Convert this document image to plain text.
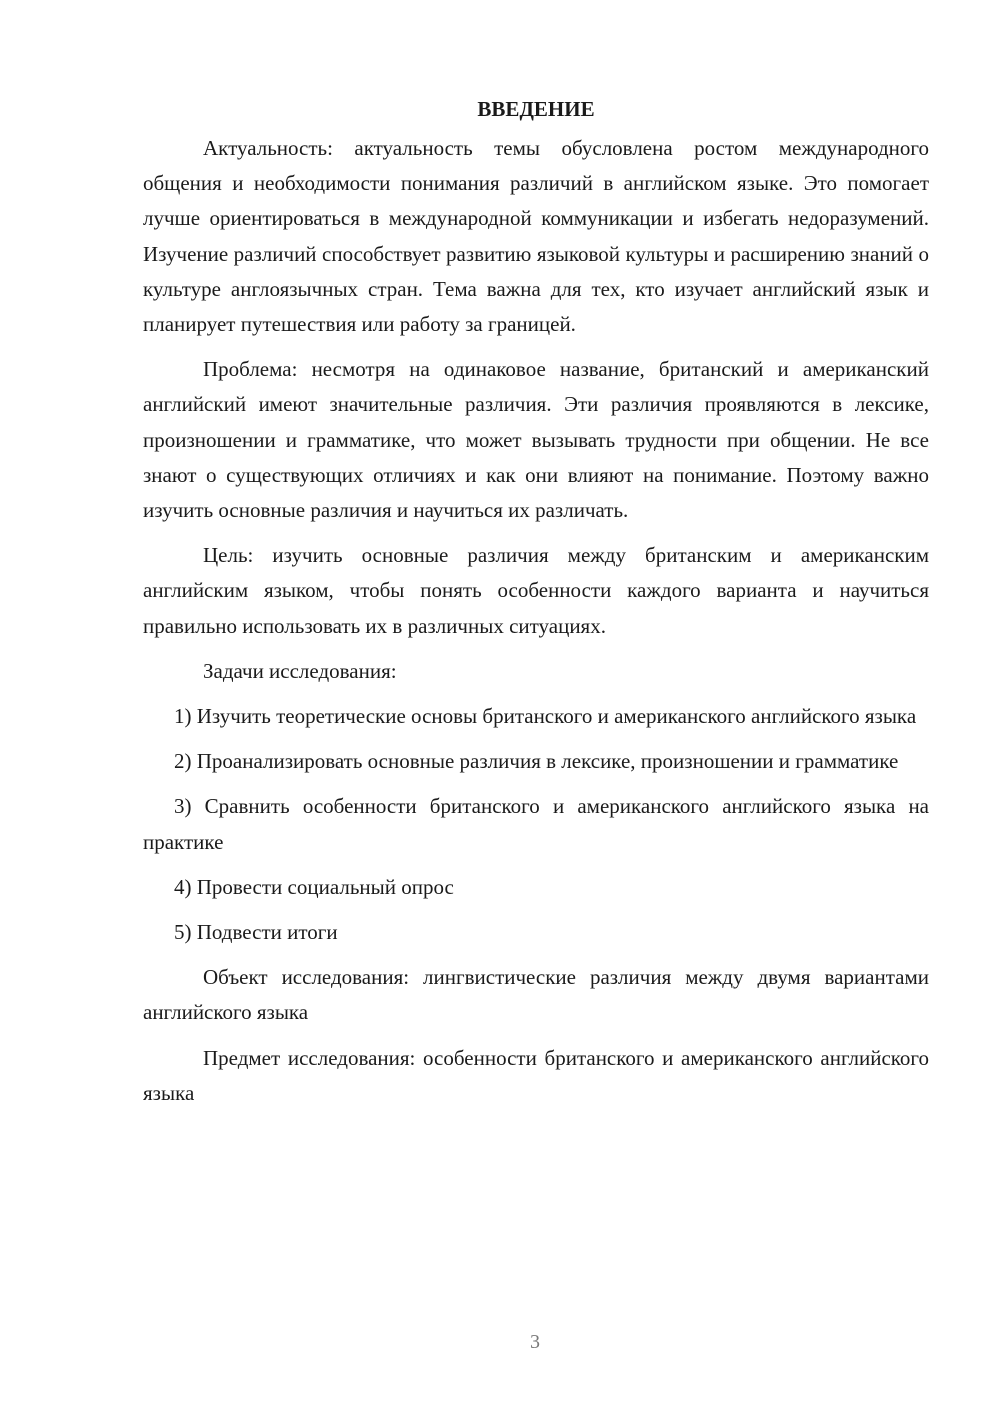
ВВЕДЕНИЕ

Актуальность: актуальность темы обусловлена ростом международного общения и необходимости понимания различий в английском языке. Это помогает лучше ориентироваться в международной коммуникации и избегать недоразумений. Изучение различий способствует развитию языковой культуры и расширению знаний о культуре англоязычных стран. Тема важна для тех, кто изучает английский язык и планирует путешествия или работу за границей.

Проблема: несмотря на одинаковое название, британский и американский английский имеют значительные различия. Эти различия проявляются в лексике, произношении и грамматике, что может вызывать трудности при общении. Не все знают о существующих отличиях и как они влияют на понимание. Поэтому важно изучить основные различия и научиться их различать.

Цель: изучить основные различия между британским и американским английским языком, чтобы понять особенности каждого варианта и научиться правильно использовать их в различных ситуациях.

Задачи исследования:

1) Изучить теоретические основы британского и американского английского языка

2) Проанализировать основные различия в лексике, произношении и грамматике

3) Сравнить особенности британского и американского английского языка на практике

4) Провести социальный опрос

5) Подвести итоги

Объект исследования: лингвистические различия между двумя вариантами английского языка

Предмет исследования: особенности британского и американского английского языка

3
